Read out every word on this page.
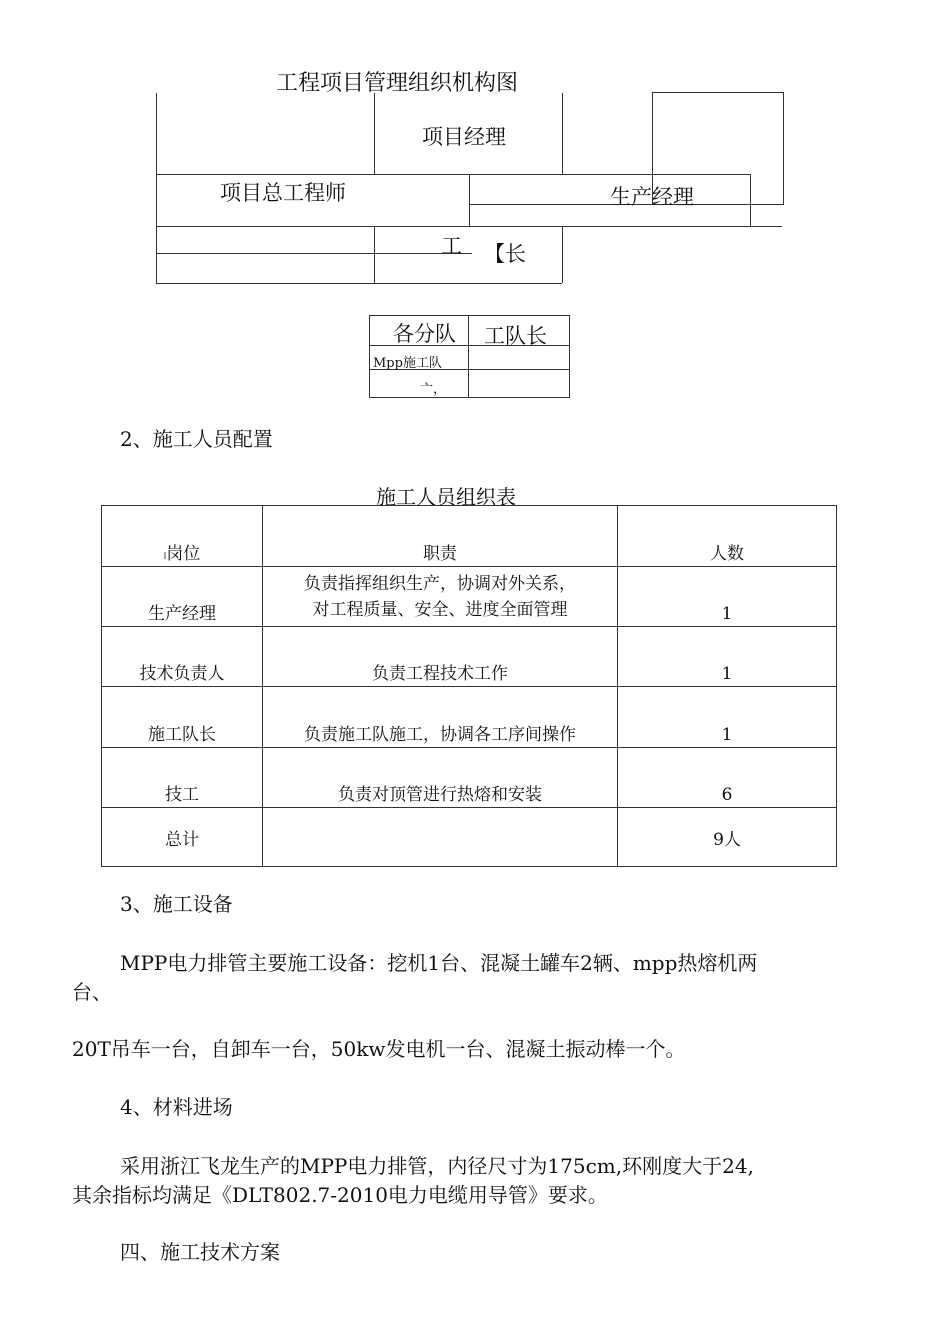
工程项目管理组织机构图
项目经理
项目总工程师	生产经理
工 【长
各分队 工队长
Mpp施工队
亠，
2、施工人员配置
施工人员组织表
ا岗位	职责	人数
生产经理	负责指挥组织生产，协调对外关系，
对工程质量、安全、进度全面管理	1
技术负责人	负责工程技术工作	1
施工队长	负责施工队施工，协调各工序间操作	1
技工	负责对顶管进行热熔和安装	6
总计		9人
3、施工设备
MPP电力排管主要施工设备：挖机1台、混凝土罐车2辆、mpp热熔机两
台、
20T吊车一台，自卸车一台，50kw发电机一台、混凝土振动棒一个。
4、材料进场
采用浙江飞龙生产的MPP电力排管，内径尺寸为175cm,环刚度大于24,
其余指标均满足《DLT802.7-2010电力电缆用导管》要求。
四、施工技术方案
